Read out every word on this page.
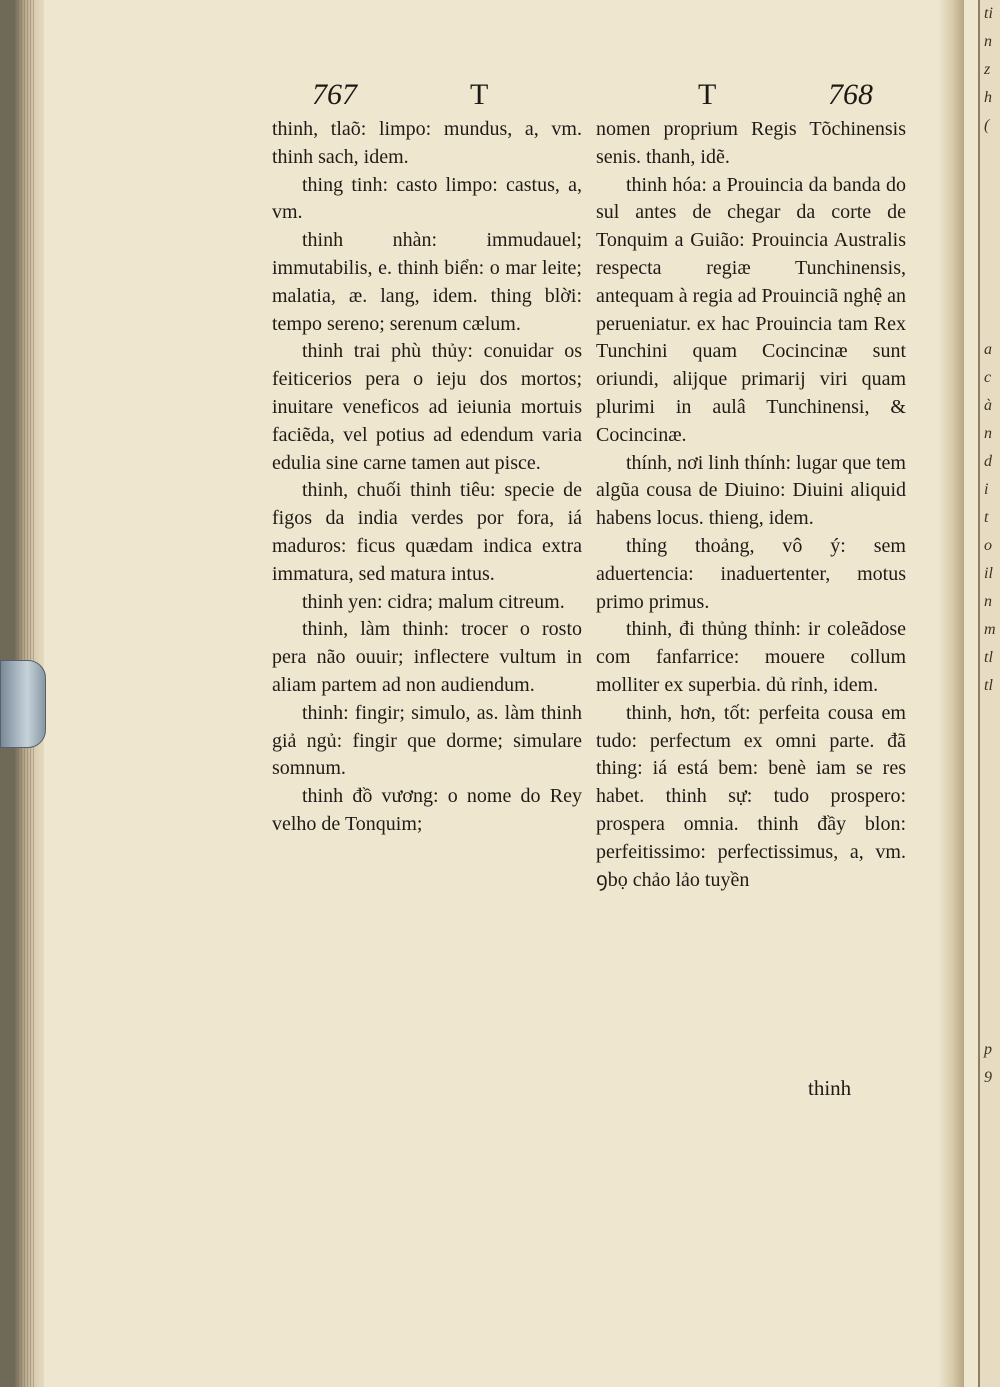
ti
n
z
h
(
a
c
à
n
d
i
t
o
il
n
m
tl
tl
p
9
767	T	T	768

thinh, tlaõ: limpo: mundus, a, vm. thinh sach, idem.

thing tinh: casto limpo: castus, a, vm.

thinh nhàn: immudauel; immutabilis, e. thinh biển: o mar leite; malatia, æ. lang, idem. thing blời: tempo sereno; serenum cælum.

thinh trai phù thủy: conuidar os feiticerios pera o ieju dos mortos; inuitare veneficos ad ieiunia mortuis faciẽda, vel potius ad edendum varia edulia sine carne tamen aut pisce.

thinh, chuối thinh tiêu: specie de figos da india verdes por fora, iá maduros: ficus quædam indica extra immatura, sed matura intus.

thinh yen: cidra; malum citreum.

thinh, làm thinh: trocer o rosto pera não ouuir; inflectere vultum in aliam partem ad non audiendum.

thinh: fingir; simulo, as. làm thinh giả ngủ: fingir que dorme; simulare somnum.

thinh đồ vương: o nome do Rey velho de Tonquim;

nomen proprium Regis Tõchinensis senis. thanh, idẽ.

thinh hóa: a Prouincia da banda do sul antes de chegar da corte de Tonquim a Guião: Prouincia Australis respecta regiæ Tunchinensis, antequam à regia ad Prouinciã nghệ an perueniatur. ex hac Prouincia tam Rex Tunchini quam Cocincinæ sunt oriundi, alijque primarij viri quam plurimi in aulâ Tunchinensi, & Cocincinæ.

thính, nơi linh thính: lugar que tem algũa cousa de Diuino: Diuini aliquid habens locus. thieng, idem.

thỉng thoảng, vô ý: sem aduertencia: inaduertenter, motus primo primus.

thinh, đi thủng thỉnh: ir coleãdose com fanfarrice: mouere collum molliter ex superbia. dủ rỉnh, idem.

thinh, hơn, tốt: perfeita cousa em tudo: perfectum ex omni parte. đã thing: iá está bem: benè iam se res habet. thinh sự: tudo prospero: prospera omnia. thinh đầy blon: perfeitissimo: perfectissimus, a, vm. ꝯbọ chảo lảo tuyền

thinh
